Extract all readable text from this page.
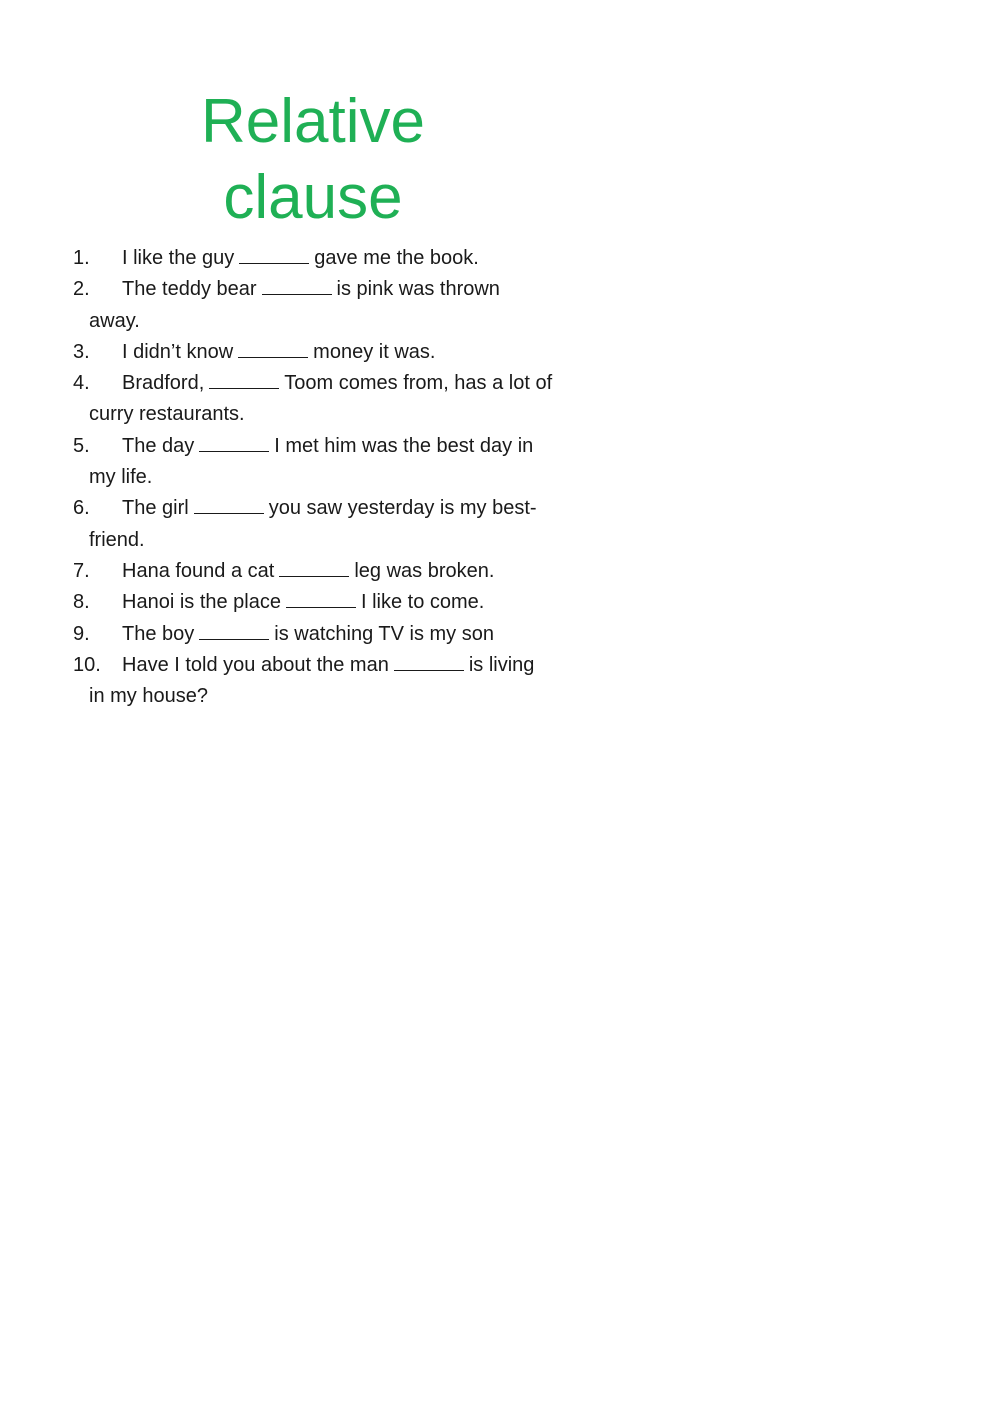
Relative
clause
1. I like the guy	gave me the book.
2. The teddy bear	is pink was thrown away.
3. I didn’t know	money it was.
4. Bradford,	Toom comes from, has a lot of curry restaurants.
5. The day	I met him was the best day in my life.
6. The girl	you saw yesterday is my best-friend.
7. Hana found a cat	leg was broken.
8. Hanoi is the place	I like to come.
9. The boy	is watching TV is my son
10. Have I told you about the man	is living in my house?
